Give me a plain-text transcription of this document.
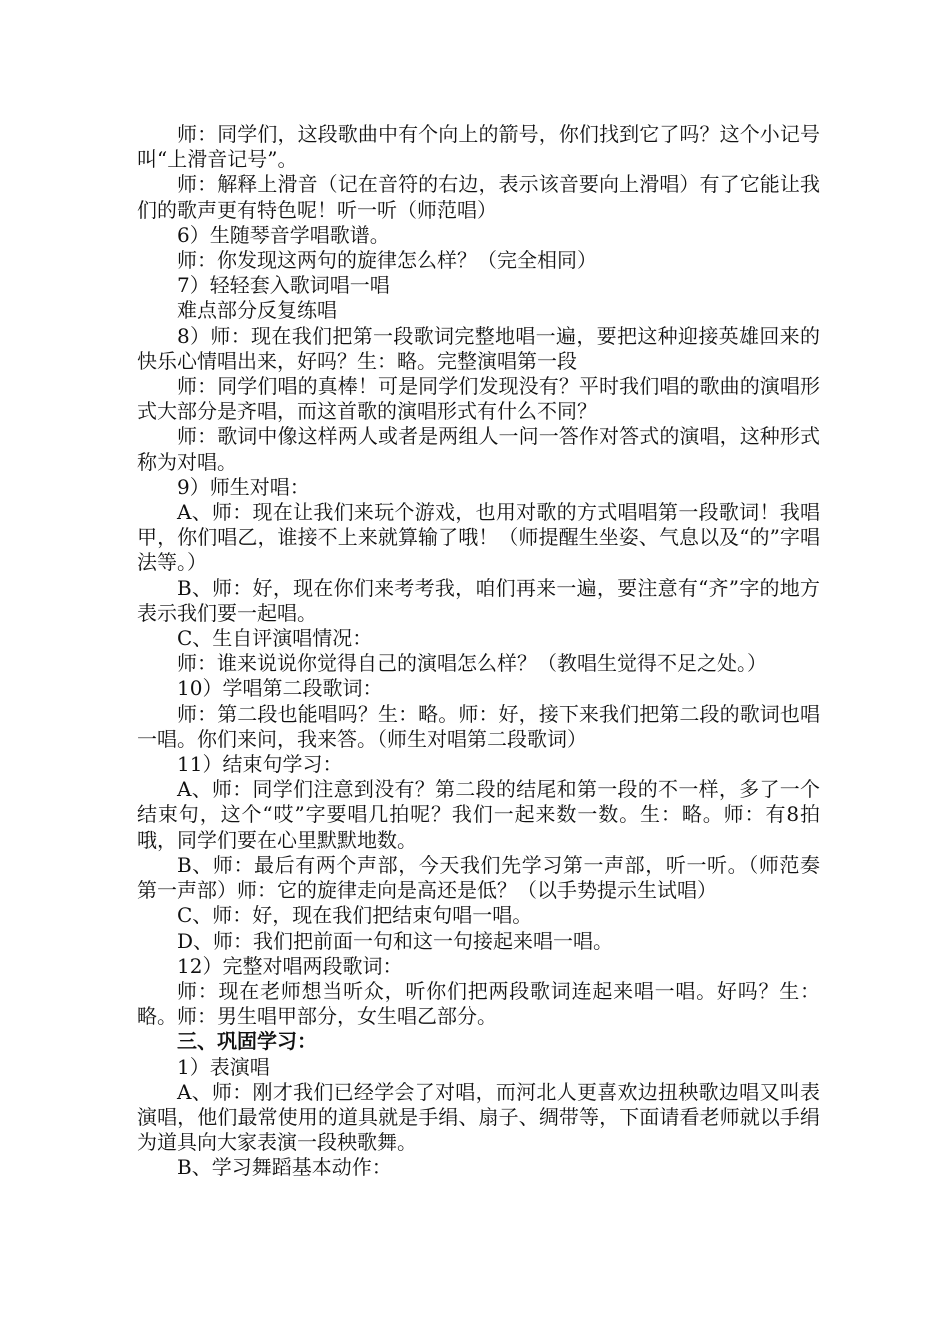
师：同学们，这段歌曲中有个向上的箭号，你们找到它了吗？这个小记号叫“上滑音记号”。

师：解释上滑音（记在音符的右边，表示该音要向上滑唱）有了它能让我们的歌声更有特色呢！听一听（师范唱）

6）生随琴音学唱歌谱。

师：你发现这两句的旋律怎么样？（完全相同）

7）轻轻套入歌词唱一唱

难点部分反复练唱

8）师：现在我们把第一段歌词完整地唱一遍，要把这种迎接英雄回来的快乐心情唱出来，好吗？生：略。完整演唱第一段

师：同学们唱的真棒！可是同学们发现没有？平时我们唱的歌曲的演唱形式大部分是齐唱，而这首歌的演唱形式有什么不同？

师：歌词中像这样两人或者是两组人一问一答作对答式的演唱，这种形式称为对唱。

9）师生对唱：

A、师：现在让我们来玩个游戏，也用对歌的方式唱唱第一段歌词！我唱甲，你们唱乙，谁接不上来就算输了哦！（师提醒生坐姿、气息以及“的”字唱法等。）

B、师：好，现在你们来考考我，咱们再来一遍，要注意有“齐”字的地方表示我们要一起唱。

C、生自评演唱情况：

师：谁来说说你觉得自己的演唱怎么样？（教唱生觉得不足之处。）

10）学唱第二段歌词：

师：第二段也能唱吗？生：略。师：好，接下来我们把第二段的歌词也唱一唱。你们来问，我来答。（师生对唱第二段歌词）

11）结束句学习：

A、师：同学们注意到没有？第二段的结尾和第一段的不一样，多了一个结束句，这个“哎”字要唱几拍呢？我们一起来数一数。生：略。师：有8拍哦，同学们要在心里默默地数。

B、师：最后有两个声部，今天我们先学习第一声部，听一听。（师范奏第一声部）师：它的旋律走向是高还是低？（以手势提示生试唱）

C、师：好，现在我们把结束句唱一唱。

D、师：我们把前面一句和这一句接起来唱一唱。

12）完整对唱两段歌词：

师：现在老师想当听众，听你们把两段歌词连起来唱一唱。好吗？生：略。师：男生唱甲部分，女生唱乙部分。

三、巩固学习：

1）表演唱

A、师：刚才我们已经学会了对唱，而河北人更喜欢边扭秧歌边唱又叫表演唱，他们最常使用的道具就是手绢、扇子、绸带等，下面请看老师就以手绢为道具向大家表演一段秧歌舞。

B、学习舞蹈基本动作：
